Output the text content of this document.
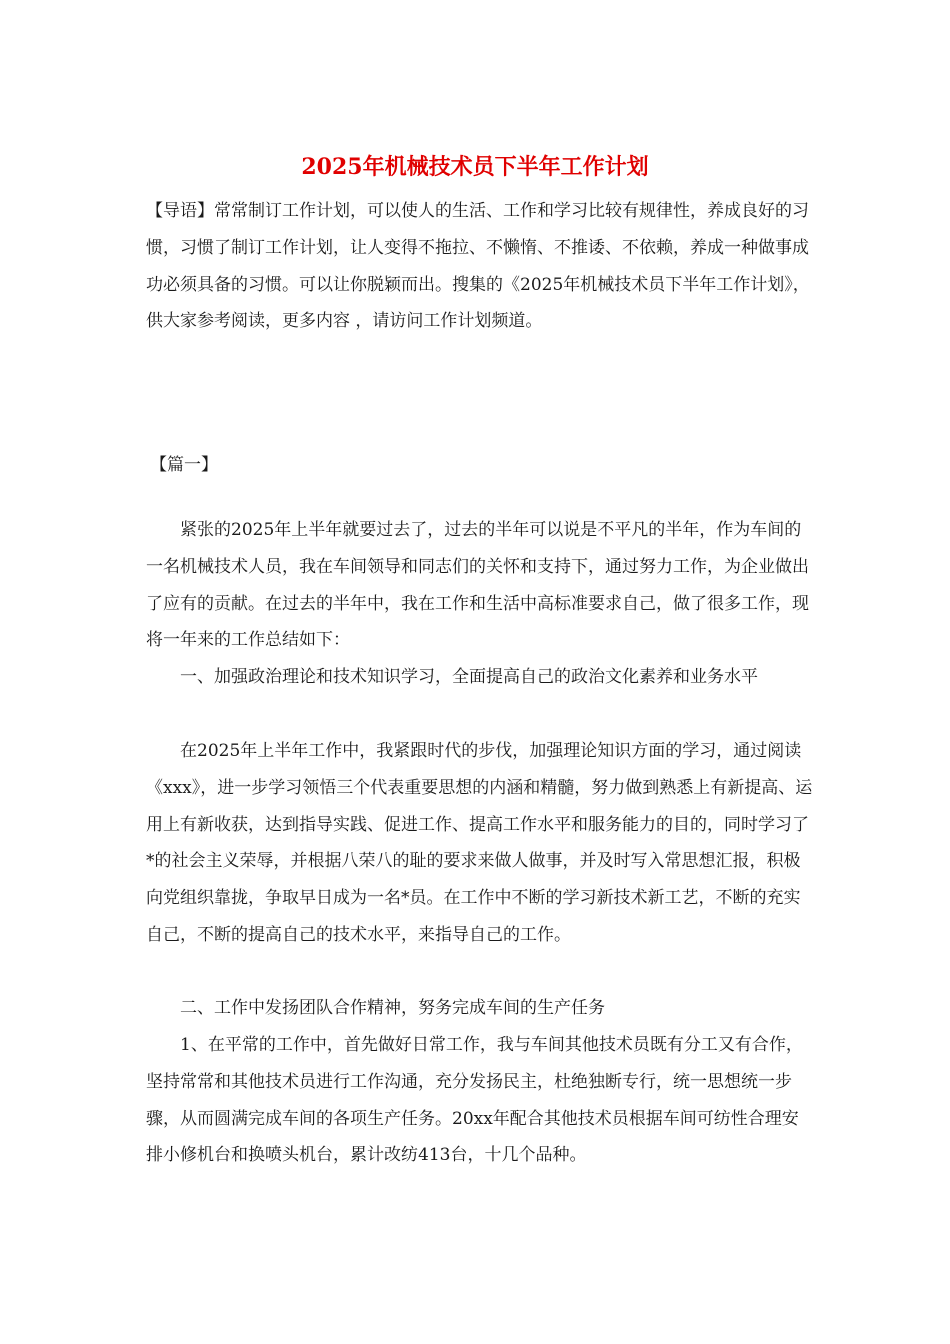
2025年机械技术员下半年工作计划

【导语】常常制订工作计划，可以使人的生活、工作和学习比较有规律性，养成良好的习惯，习惯了制订工作计划，让人变得不拖拉、不懒惰、不推诿、不依赖，养成一种做事成功必须具备的习惯。可以让你脱颖而出。搜集的《2025年机械技术员下半年工作计划》，供大家参考阅读，更多内容 ，请访问工作计划频道。

【篇一】

紧张的2025年上半年就要过去了，过去的半年可以说是不平凡的半年，作为车间的一名机械技术人员，我在车间领导和同志们的关怀和支持下，通过努力工作，为企业做出了应有的贡献。在过去的半年中，我在工作和生活中高标准要求自己，做了很多工作，现将一年来的工作总结如下：

一、加强政治理论和技术知识学习，全面提高自己的政治文化素养和业务水平

在2025年上半年工作中，我紧跟时代的步伐，加强理论知识方面的学习，通过阅读《xxx》，进一步学习领悟三个代表重要思想的内涵和精髓，努力做到熟悉上有新提高、运用上有新收获，达到指导实践、促进工作、提高工作水平和服务能力的目的，同时学习了*的社会主义荣辱，并根据八荣八的耻的要求来做人做事，并及时写入常思想汇报，积极向党组织靠拢，争取早日成为一名*员。在工作中不断的学习新技术新工艺，不断的充实自己，不断的提高自己的技术水平，来指导自己的工作。

二、工作中发扬团队合作精神，努务完成车间的生产任务

1、在平常的工作中，首先做好日常工作，我与车间其他技术员既有分工又有合作，坚持常常和其他技术员进行工作沟通，充分发扬民主，杜绝独断专行，统一思想统一步骤，从而圆满完成车间的各项生产任务。20xx年配合其他技术员根据车间可纺性合理安排小修机台和换喷头机台，累计改纺413台，十几个品种。
